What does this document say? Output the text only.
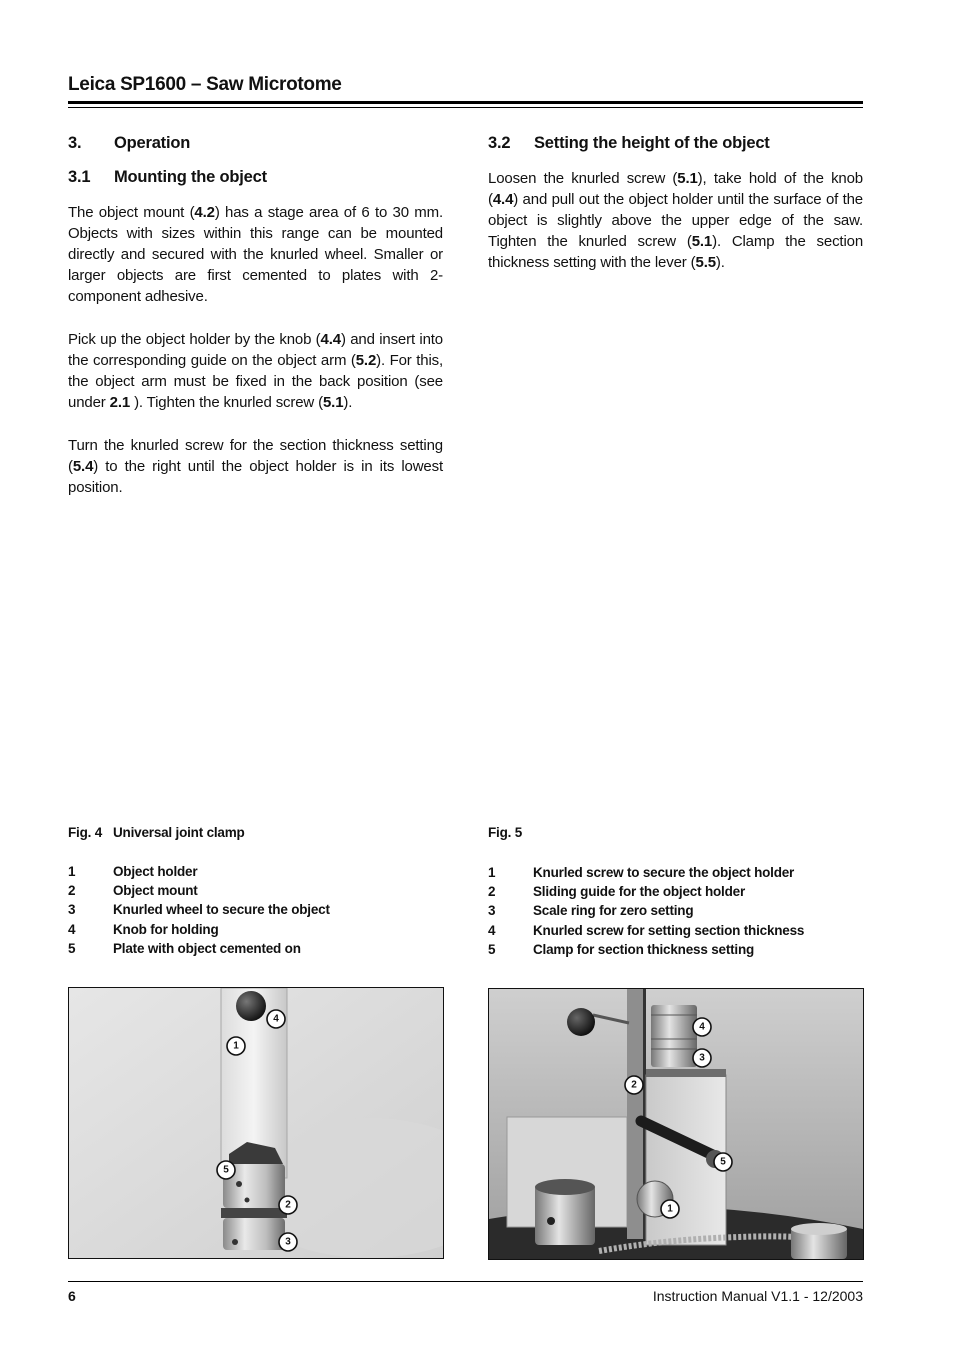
Leica SP1600 – Saw Microtome
3. Operation
3.1 Mounting the object

The object mount (4.2) has a stage area of 6 to 30 mm. Objects with sizes within this range can be mounted directly and secured with the knurled wheel. Smaller or larger objects are first cemented to plates with 2-component adhesive.

Pick up the object holder by the knob (4.4) and insert into the corresponding guide on the object arm (5.2). For this, the object arm must be fixed in the back position (see under 2.1 ). Tighten the knurled screw (5.1).

Turn the knurled screw for the section thickness setting (5.4) to the right until the object holder is in its lowest position.

3.2 Setting the height of the object

Loosen the knurled screw (5.1), take hold of the knob (4.4) and pull out the object holder until the surface of the object is slightly above the upper edge of the saw. Tighten the knurled screw (5.1). Clamp the section thickness setting with the lever (5.5).

Fig. 4 Universal joint clamp
1	Object holder
2	Object mount
3	Knurled wheel to secure the object
4	Knob for holding
5	Plate with object cemented on
Fig. 5
1	Knurled screw to secure the object holder
2	Sliding guide for the object holder
3	Scale ring for zero setting
4	Knurled screw for setting section thickness
5	Clamp for section thickness setting
1
4
5
2
3
4
3
2
5
1
6	Instruction Manual V1.1 - 12/2003
